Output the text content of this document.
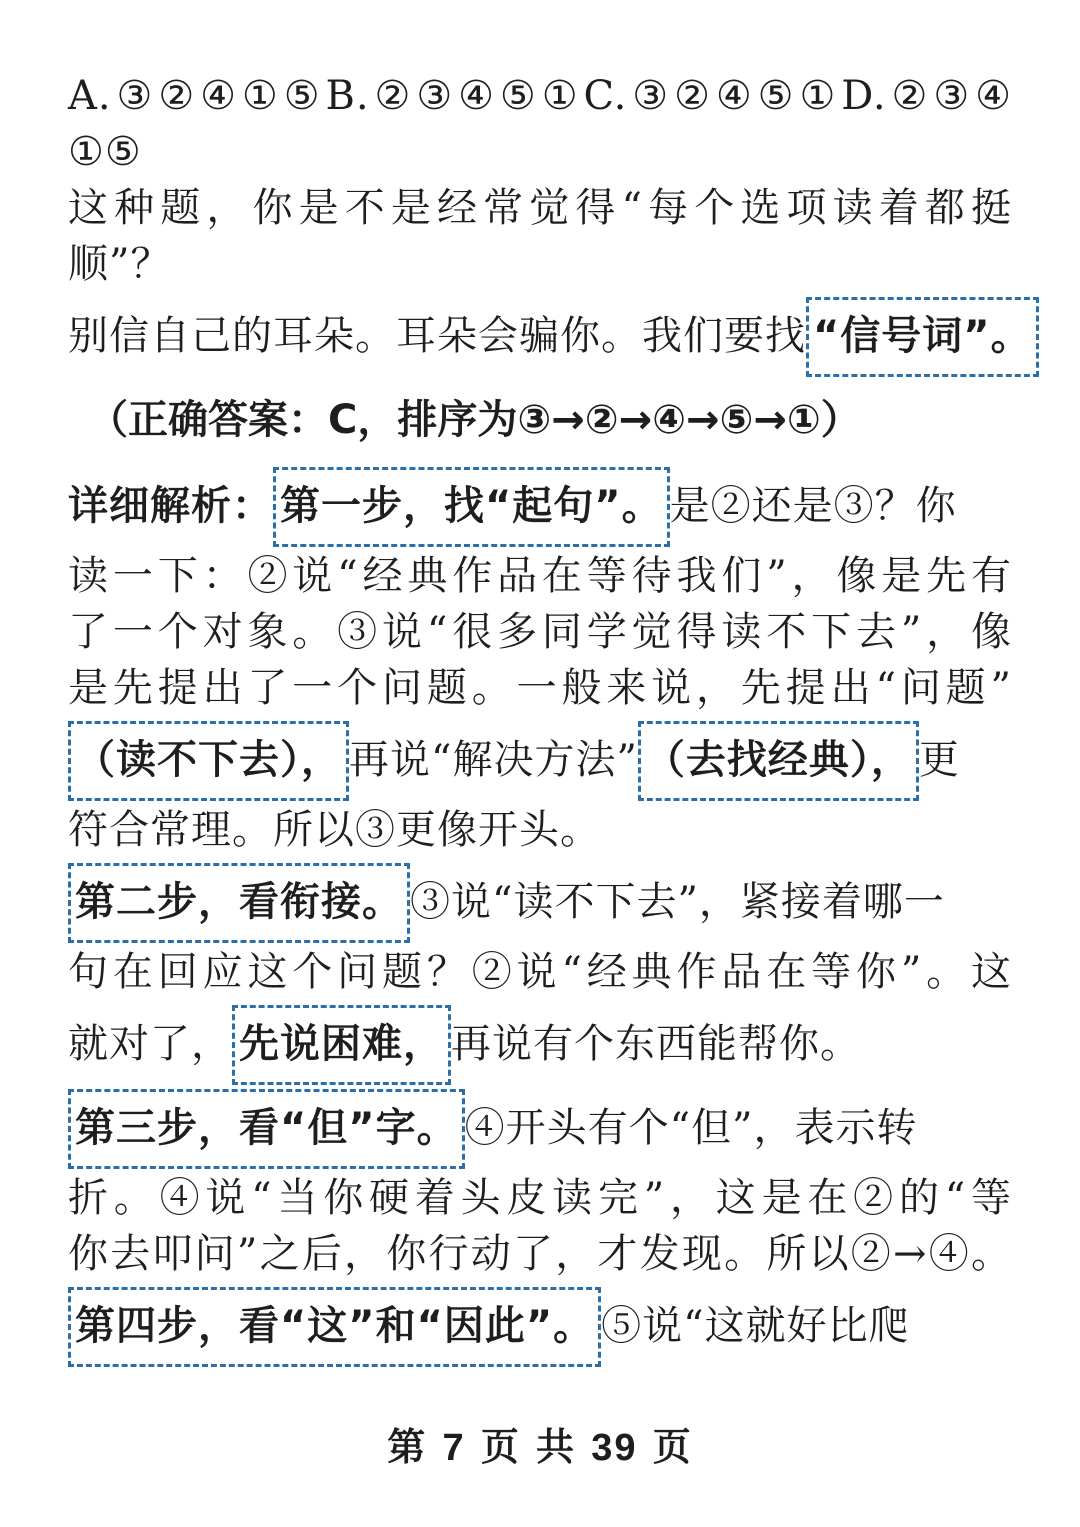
A.③②④①⑤B.②③④⑤①C.③②④⑤①D.②③④
①⑤
这种题，你是不是经常觉得“每个选项读着都挺
顺”？
别信自己的耳朵。耳朵会骗你。我们要找 “信号词”。
（正确答案：C，排序为③→②→④→⑤→①）
详细解析： 第一步，找“起句”。 是②还是③？你
读一下：②说“经典作品在等待我们”，像是先有
了一个对象。③说“很多同学觉得读不下去”，像
是先提出了一个问题。一般来说，先提出“问题”
（读不下去）， 再说“解决方法” （去找经典）， 更
符合常理。所以③更像开头。
第二步，看衔接。 ③说“读不下去”，紧接着哪一
句在回应这个问题？②说“经典作品在等你”。这
就对了， 先说困难， 再说有个东西能帮你。
第三步，看“但”字。 ④开头有个“但”，表示转
折。④说“当你硬着头皮读完”，这是在②的“等
你去叩问”之后，你行动了，才发现。所以②→④。
第四步，看“这”和“因此”。 ⑤说“这就好比爬
第 7 页 共 39 页
